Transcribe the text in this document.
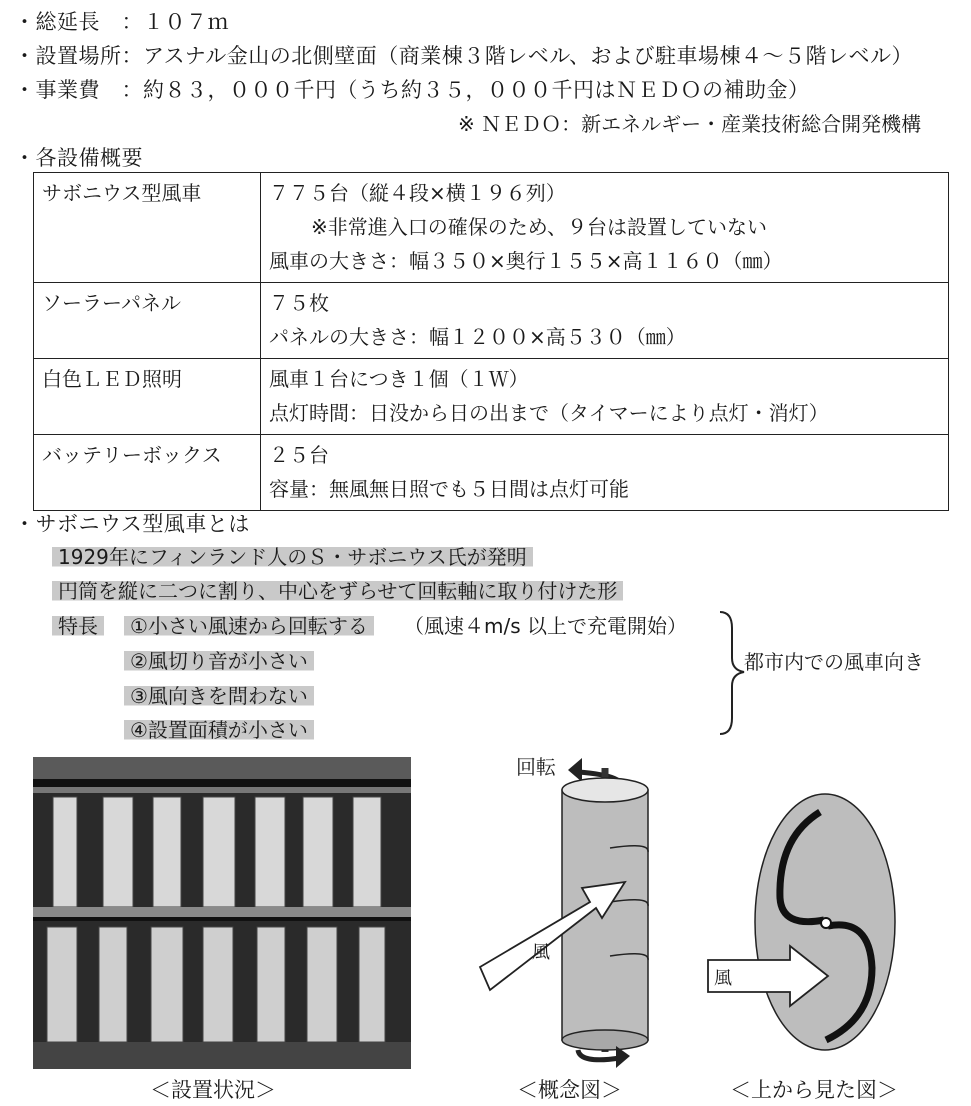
・総延長　：１０７ｍ
・設置場所：アスナル金山の北側壁面（商業棟３階レベル、および駐車場棟４～５階レベル）
・事業費　：約８３，０００千円（うち約３５，０００千円はＮＥＤＯの補助金）
※ ＮＥＤＯ：新エネルギー・産業技術総合開発機構
・各設備概要
サボニウス型風車	７７５台（縦４段×横１９６列）
※非常進入口の確保のため、９台は設置していない
風車の大きさ：幅３５０×奥行１５５×高１１６０（㎜）

ソーラーパネル	７５枚
パネルの大きさ：幅１２００×高５３０（㎜）

白色ＬＥＤ照明	風車１台につき１個（１Ｗ）
点灯時間：日没から日の出まで（タイマーにより点灯・消灯）

バッテリーボックス	２５台
容量：無風無日照でも５日間は点灯可能
・サボニウス型風車とは
1929年にフィンランド人のＳ・サボニウス氏が発明
円筒を縦に二つに割り、中心をずらせて回転軸に取り付けた形
特長	①小さい風速から回転する	（風速４m/s 以上で充電開始）
②風切り音が小さい
③風向きを問わない
④設置面積が小さい
都市内での風車向き
回転
風
風
＜設置状況＞	＜概念図＞	＜上から見た図＞
